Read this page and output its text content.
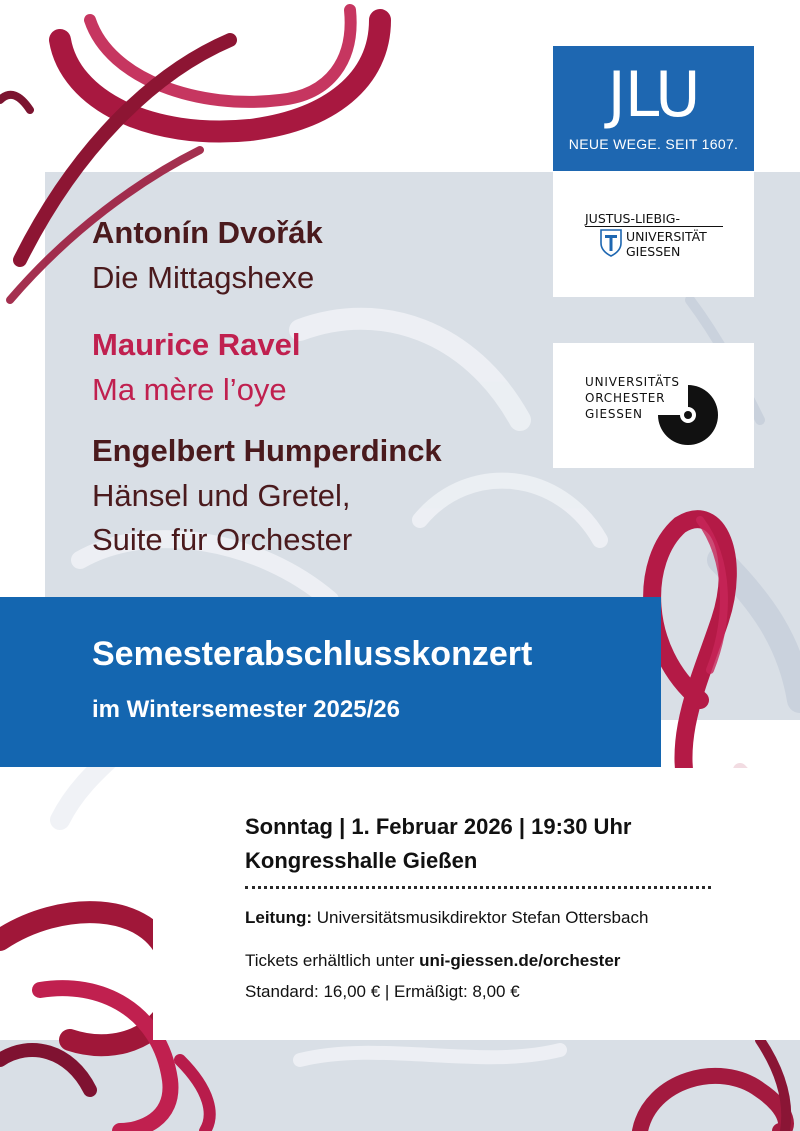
JLU
NEUE WEGE. SEIT 1607.
JUSTUS-LIEBIG-
UNIVERSITÄT
GIESSEN
UNIVERSITÄTS
ORCHESTER
GIESSEN
Antonín Dvořák
Die Mittagshexe
Maurice Ravel
Ma mère l’oye
Engelbert Humperdinck
Hänsel und Gretel,
Suite für Orchester
Semesterabschlusskonzert
im Wintersemester 2025/26
Sonntag | 1. Februar 2026 | 19:30 Uhr
Kongresshalle Gießen
Leitung: Universitätsmusikdirektor Stefan Ottersbach
Tickets erhältlich unter uni-giessen.de/orchester
Standard: 16,00 € | Ermäßigt: 8,00 €
